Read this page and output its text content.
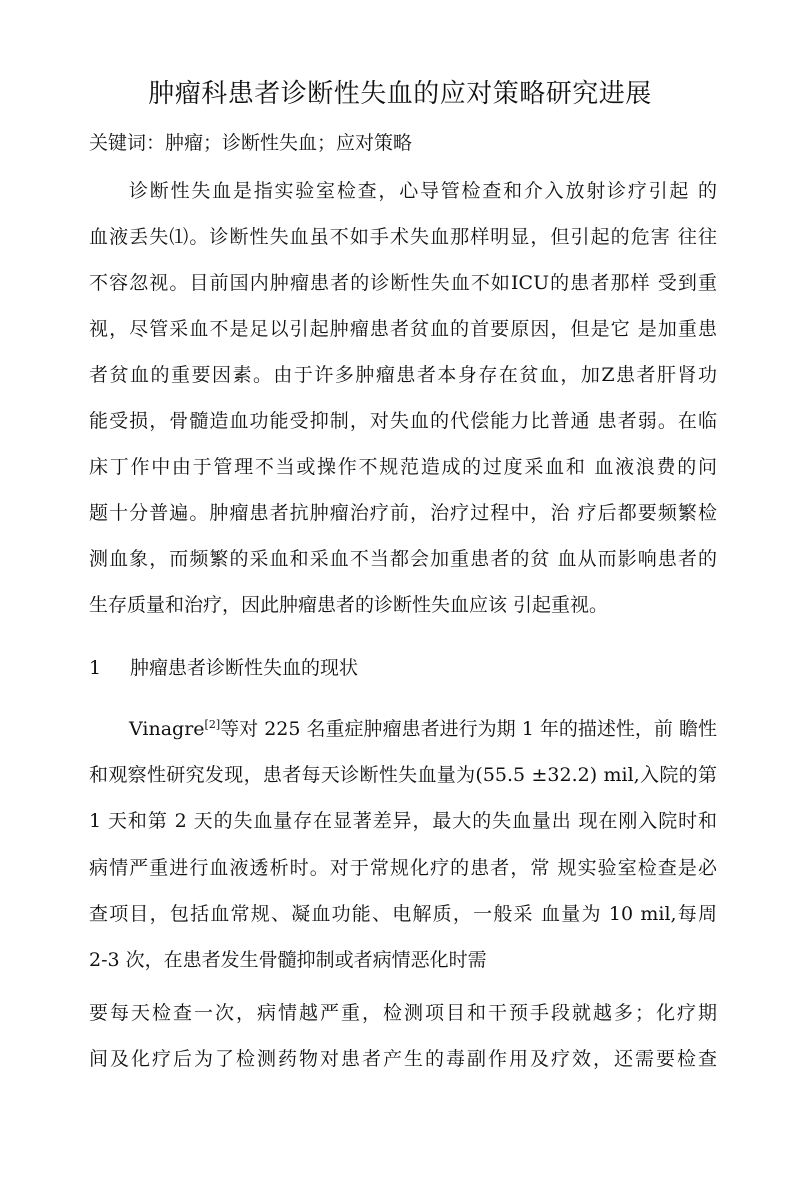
肿瘤科患者诊断性失血的应对策略研究进展
关键词：肿瘤；诊断性失血；应对策略
诊断性失血是指实验室检查，心导管检查和介入放射诊疗引起 的
血液丢失⑴。诊断性失血虽不如手术失血那样明显，但引起的危害 往往
不容忽视。目前国内肿瘤患者的诊断性失血不如ICU的患者那样 受到重
视，尽管采血不是足以引起肿瘤患者贫血的首要原因，但是它 是加重患
者贫血的重要因素。由于许多肿瘤患者本身存在贫血，加Z患者肝肾功
能受损，骨髓造血功能受抑制，对失血的代偿能力比普通 患者弱。在临
床丁作中由于管理不当或操作不规范造成的过度采血和 血液浪费的问
题十分普遍。肿瘤患者抗肿瘤治疗前，治疗过程中，治 疗后都要频繁检
测血象，而频繁的采血和采血不当都会加重患者的贫 血从而影响患者的
生存质量和治疗，因此肿瘤患者的诊断性失血应该 引起重视。
1 肿瘤患者诊断性失血的现状
Vinagre[2]等对 225 名重症肿瘤患者进行为期 1 年的描述性，前 瞻性
和观察性研究发现，患者每天诊断性失血量为(55.5 ±32.2) mil,入院的第
1 天和第 2 天的失血量存在显著差异，最大的失血量出 现在刚入院时和
病情严重进行血液透析时。对于常规化疗的患者，常 规实验室检查是必
查项目，包括血常规、凝血功能、电解质，一般采 血量为 10 mil,每周
2-3 次，在患者发生骨髓抑制或者病情恶化时需
要每天检查一次，病情越严重，检测项目和干预手段就越多；化疗期
间及化疗后为了检测药物对患者产生的毒副作用及疗效，还需要检查
